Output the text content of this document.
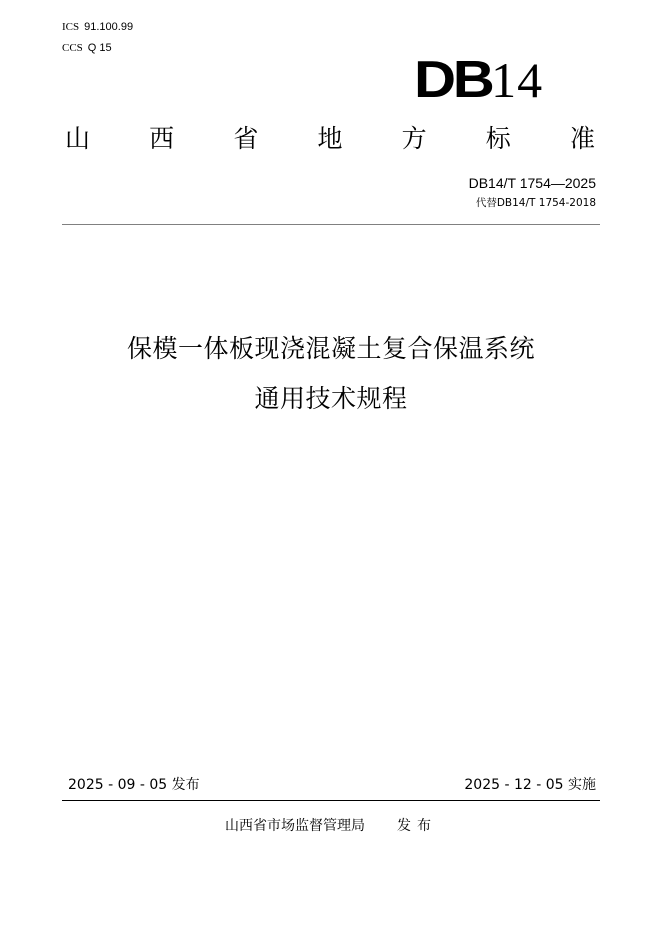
ICS 91.100.99
CCS Q 15
DB14
山 西 省 地 方 标 准
DB14/T 1754—2025
代替DB14/T 1754-2018
保模一体板现浇混凝土复合保温系统
通用技术规程
2025 - 09 - 05 发布	2025 - 12 - 05 实施
山西省市场监督管理局 发布
